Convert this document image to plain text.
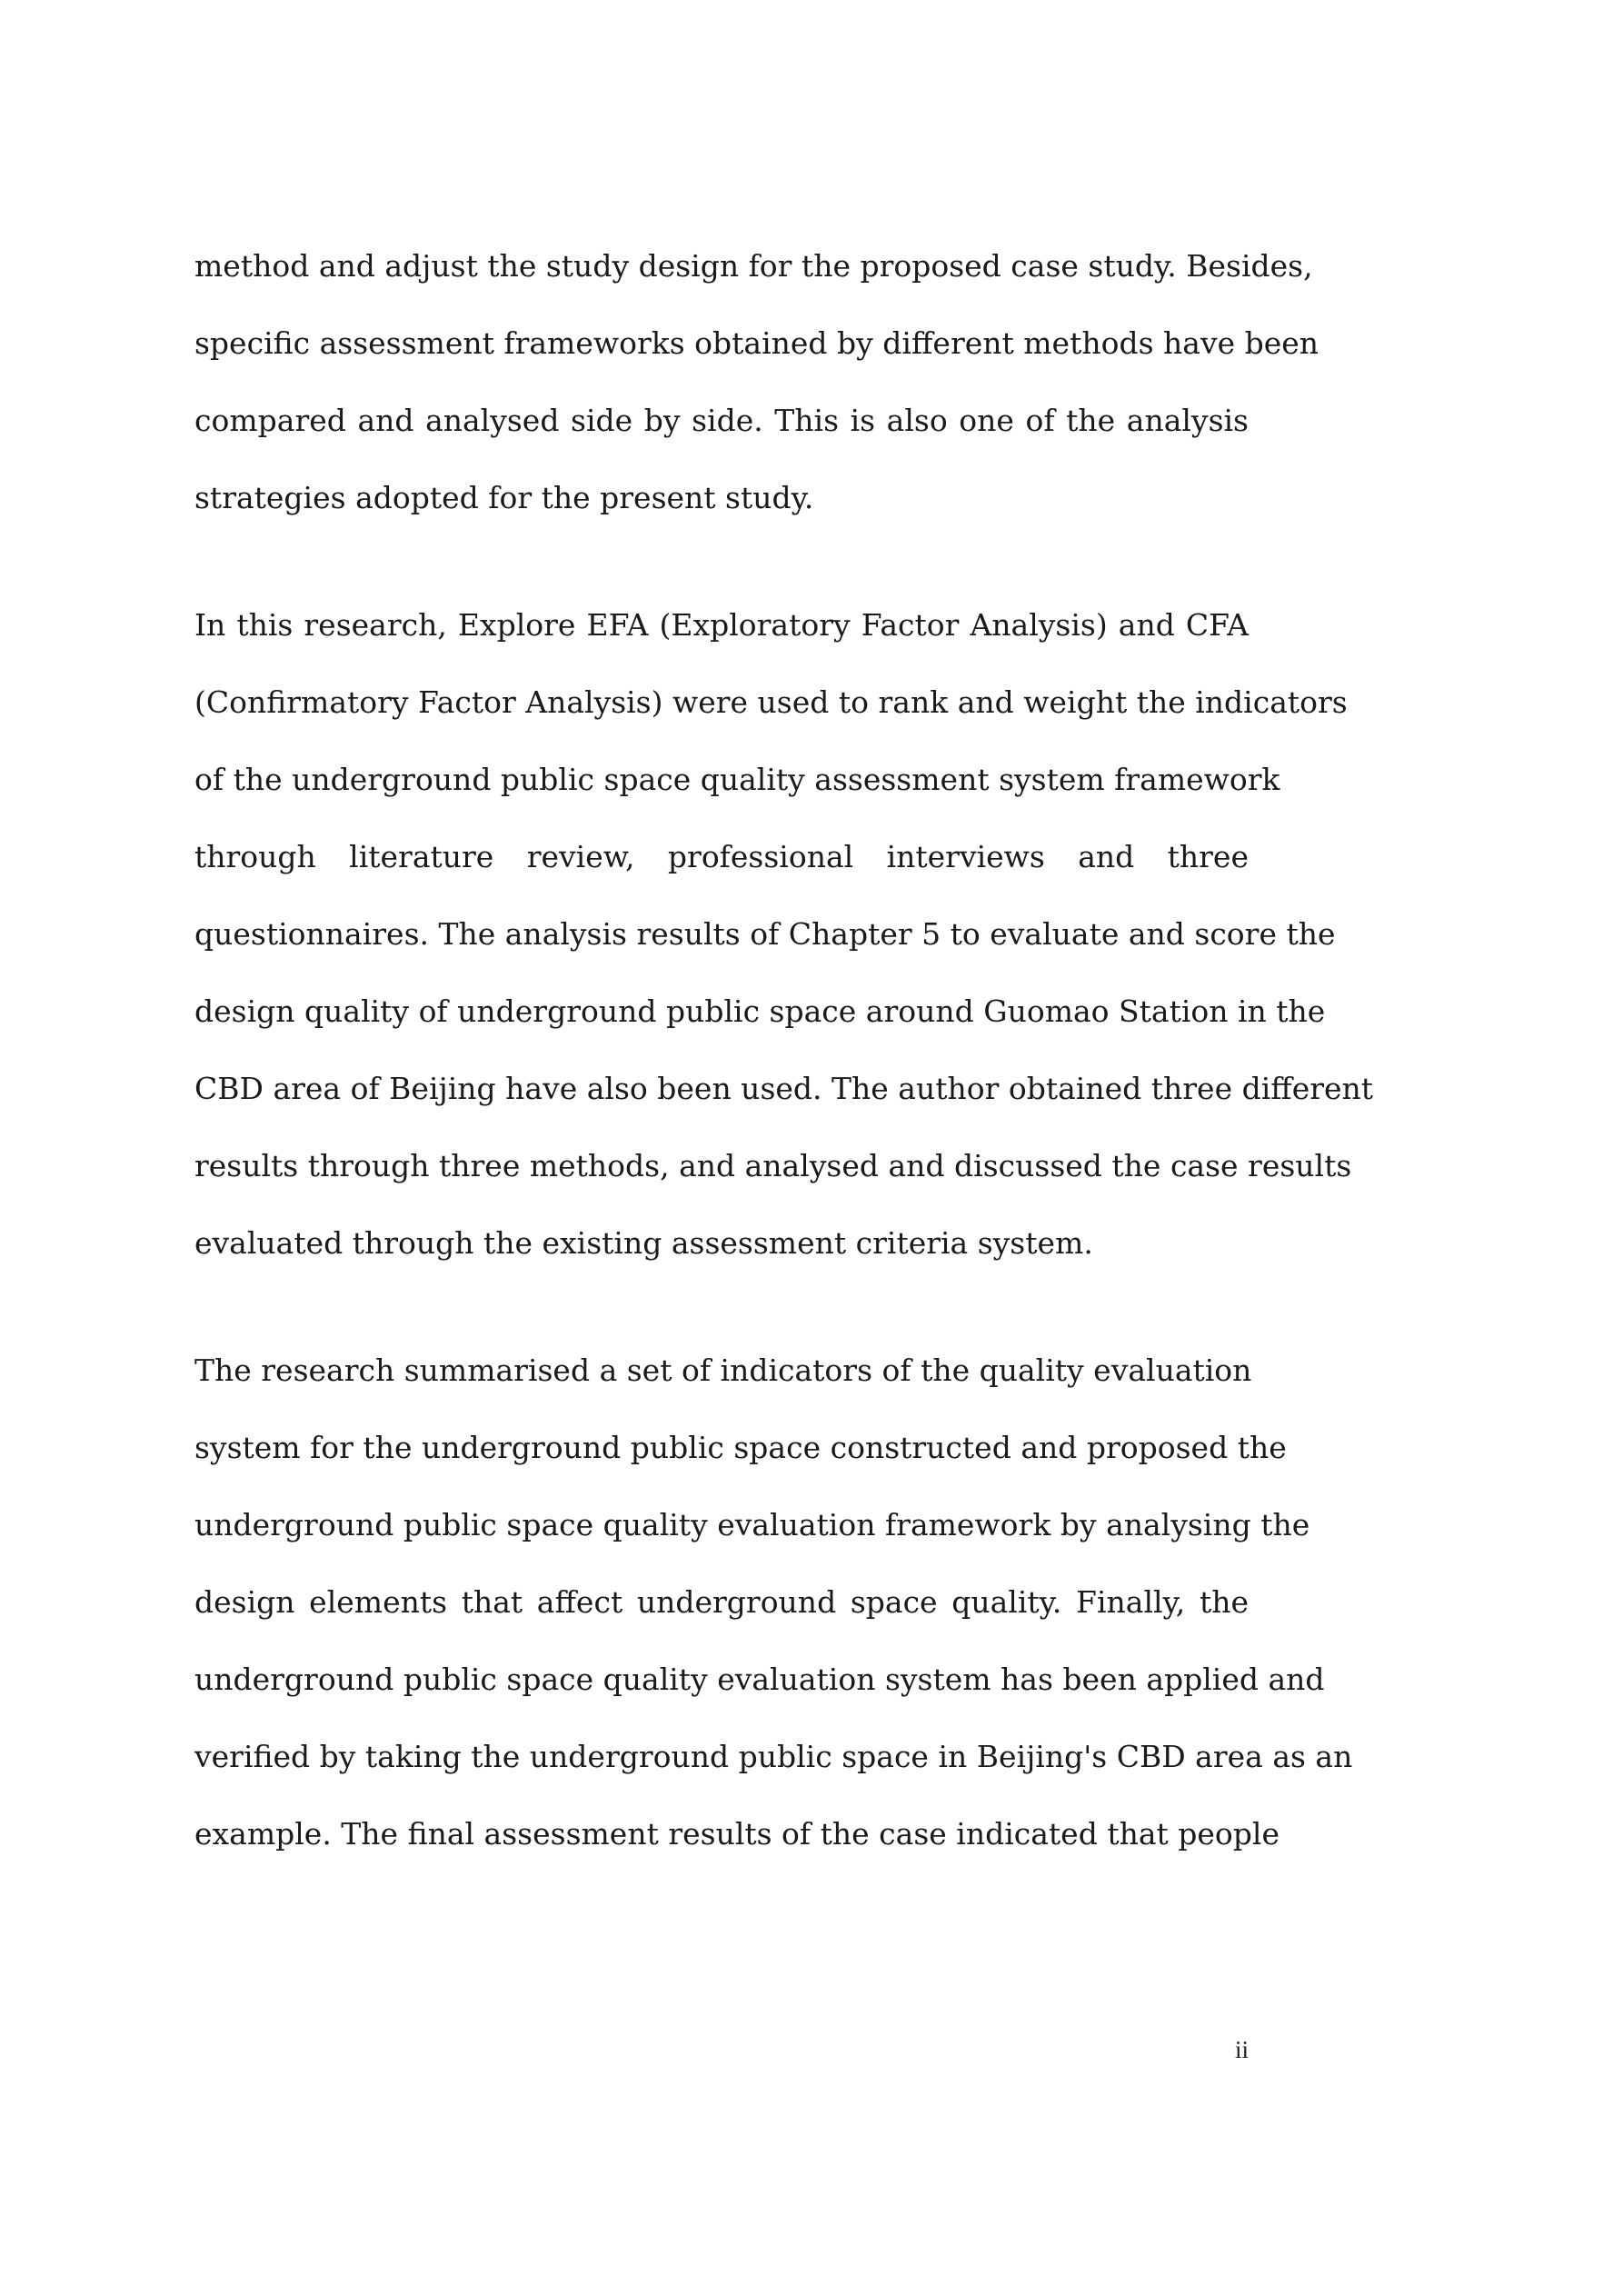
method and adjust the study design for the proposed case study. Besides,
specific assessment frameworks obtained by different methods have been
compared and analysed side by side. This is also one of the analysis
strategies adopted for the present study.
In this research, Explore EFA (Exploratory Factor Analysis) and CFA
(Confirmatory Factor Analysis) were used to rank and weight the indicators
of the underground public space quality assessment system framework
through literature review, professional interviews and three
questionnaires. The analysis results of Chapter 5 to evaluate and score the
design quality of underground public space around Guomao Station in the
CBD area of Beijing have also been used. The author obtained three different
results through three methods, and analysed and discussed the case results
evaluated through the existing assessment criteria system.
The research summarised a set of indicators of the quality evaluation
system for the underground public space constructed and proposed the
underground public space quality evaluation framework by analysing the
design elements that affect underground space quality. Finally, the
underground public space quality evaluation system has been applied and
verified by taking the underground public space in Beijing's CBD area as an
example. The final assessment results of the case indicated that people
ii
